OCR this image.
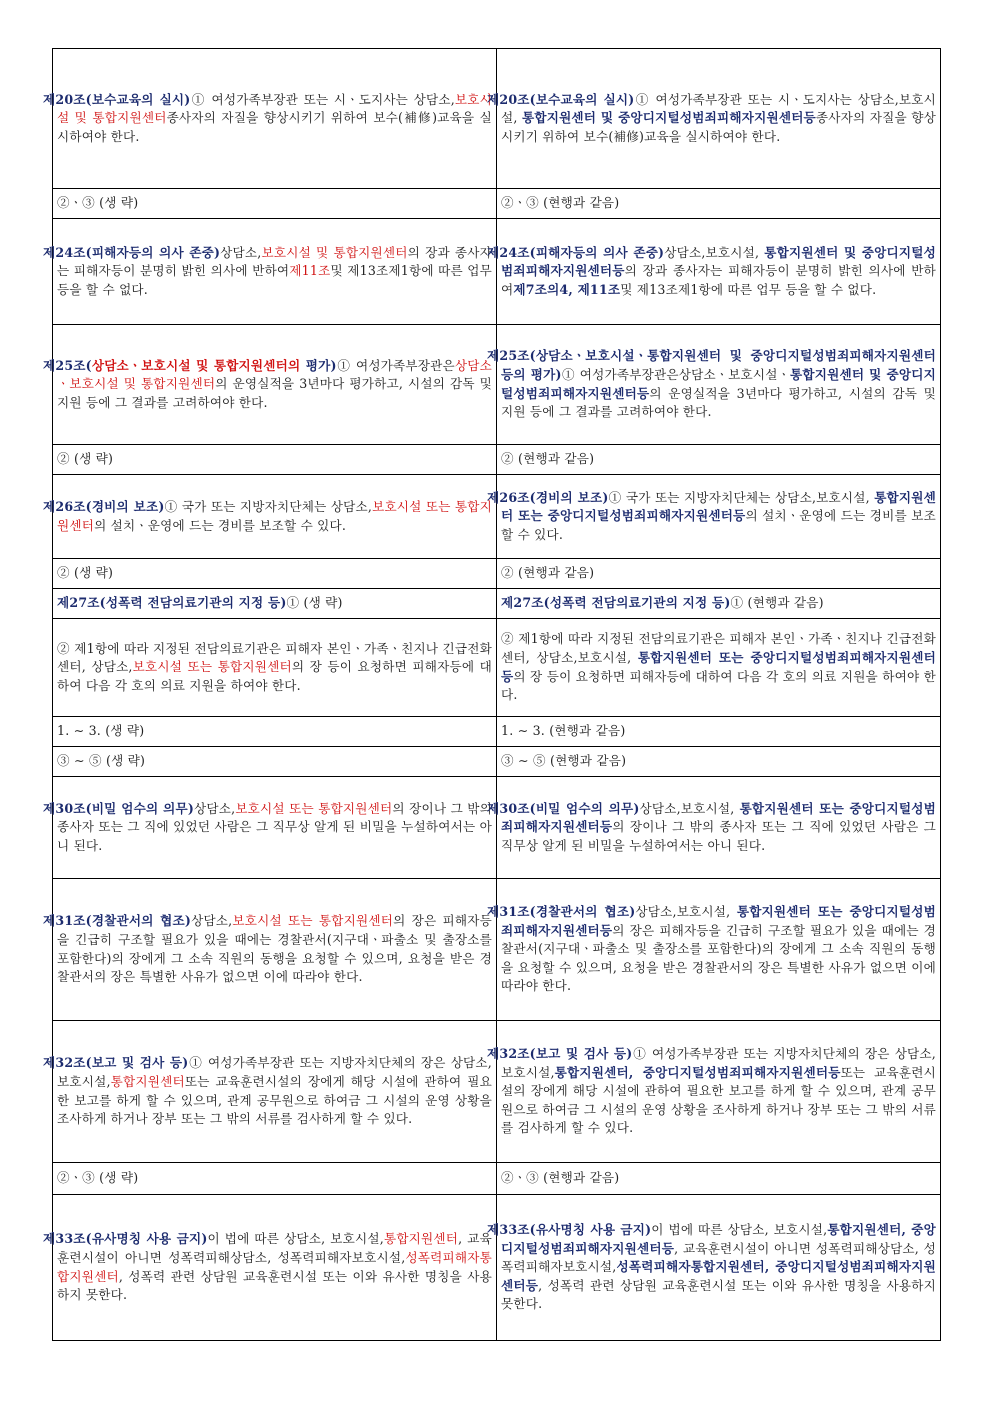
제20조(보수교육의 실시)① 여성가족부장관 또는 시ㆍ도지사는 상담소,보호시설 및 통합지원센터종사자의 자질을 향상시키기 위하여 보수(補修)교육을 실시하여야 한다.	제20조(보수교육의 실시)① 여성가족부장관 또는 시ㆍ도지사는 상담소,보호시설, 통합지원센터 및 중앙디지털성범죄피해자지원센터등종사자의 자질을 향상시키기 위하여 보수(補修)교육을 실시하여야 한다.
②ㆍ③ (생 략)	②ㆍ③ (현행과 같음)
제24조(피해자등의 의사 존중)상담소,보호시설 및 통합지원센터의 장과 종사자는 피해자등이 분명히 밝힌 의사에 반하여제11조및 제13조제1항에 따른 업무 등을 할 수 없다.	제24조(피해자등의 의사 존중)상담소,보호시설, 통합지원센터 및 중앙디지털성범죄피해자지원센터등의 장과 종사자는 피해자등이 분명히 밝힌 의사에 반하여제7조의4, 제11조및 제13조제1항에 따른 업무 등을 할 수 없다.
제25조(상담소ㆍ보호시설 및 통합지원센터의 평가)① 여성가족부장관은상담소ㆍ보호시설 및 통합지원센터의 운영실적을 3년마다 평가하고, 시설의 감독 및 지원 등에 그 결과를 고려하여야 한다.	제25조(상담소ㆍ보호시설ㆍ통합지원센터 및 중앙디지털성범죄피해자지원센터등의 평가)① 여성가족부장관은상담소ㆍ보호시설ㆍ통합지원센터 및 중앙디지털성범죄피해자지원센터등의 운영실적을 3년마다 평가하고, 시설의 감독 및 지원 등에 그 결과를 고려하여야 한다.
② (생 략)	② (현행과 같음)
제26조(경비의 보조)① 국가 또는 지방자치단체는 상담소,보호시설 또는 통합지원센터의 설치ㆍ운영에 드는 경비를 보조할 수 있다.	제26조(경비의 보조)① 국가 또는 지방자치단체는 상담소,보호시설, 통합지원센터 또는 중앙디지털성범죄피해자지원센터등의 설치ㆍ운영에 드는 경비를 보조할 수 있다.
② (생 략)	② (현행과 같음)
제27조(성폭력 전담의료기관의 지정 등)① (생 략)	제27조(성폭력 전담의료기관의 지정 등)① (현행과 같음)
② 제1항에 따라 지정된 전담의료기관은 피해자 본인ㆍ가족ㆍ친지나 긴급전화센터, 상담소,보호시설 또는 통합지원센터의 장 등이 요청하면 피해자등에 대하여 다음 각 호의 의료 지원을 하여야 한다.	② 제1항에 따라 지정된 전담의료기관은 피해자 본인ㆍ가족ㆍ친지나 긴급전화센터, 상담소,보호시설, 통합지원센터 또는 중앙디지털성범죄피해자지원센터등의 장 등이 요청하면 피해자등에 대하여 다음 각 호의 의료 지원을 하여야 한다.
1. ∼ 3. (생 략)	1. ∼ 3. (현행과 같음)
③ ∼ ⑤ (생 략)	③ ∼ ⑤ (현행과 같음)
제30조(비밀 엄수의 의무)상담소,보호시설 또는 통합지원센터의 장이나 그 밖의 종사자 또는 그 직에 있었던 사람은 그 직무상 알게 된 비밀을 누설하여서는 아니 된다.	제30조(비밀 엄수의 의무)상담소,보호시설, 통합지원센터 또는 중앙디지털성범죄피해자지원센터등의 장이나 그 밖의 종사자 또는 그 직에 있었던 사람은 그 직무상 알게 된 비밀을 누설하여서는 아니 된다.
제31조(경찰관서의 협조)상담소,보호시설 또는 통합지원센터의 장은 피해자등을 긴급히 구조할 필요가 있을 때에는 경찰관서(지구대ㆍ파출소 및 출장소를 포함한다)의 장에게 그 소속 직원의 동행을 요청할 수 있으며, 요청을 받은 경찰관서의 장은 특별한 사유가 없으면 이에 따라야 한다.	제31조(경찰관서의 협조)상담소,보호시설, 통합지원센터 또는 중앙디지털성범죄피해자지원센터등의 장은 피해자등을 긴급히 구조할 필요가 있을 때에는 경찰관서(지구대ㆍ파출소 및 출장소를 포함한다)의 장에게 그 소속 직원의 동행을 요청할 수 있으며, 요청을 받은 경찰관서의 장은 특별한 사유가 없으면 이에 따라야 한다.
제32조(보고 및 검사 등)① 여성가족부장관 또는 지방자치단체의 장은 상담소, 보호시설,통합지원센터또는 교육훈련시설의 장에게 해당 시설에 관하여 필요한 보고를 하게 할 수 있으며, 관계 공무원으로 하여금 그 시설의 운영 상황을 조사하게 하거나 장부 또는 그 밖의 서류를 검사하게 할 수 있다.	제32조(보고 및 검사 등)① 여성가족부장관 또는 지방자치단체의 장은 상담소, 보호시설,통합지원센터, 중앙디지털성범죄피해자지원센터등또는 교육훈련시설의 장에게 해당 시설에 관하여 필요한 보고를 하게 할 수 있으며, 관계 공무원으로 하여금 그 시설의 운영 상황을 조사하게 하거나 장부 또는 그 밖의 서류를 검사하게 할 수 있다.
②ㆍ③ (생 략)	②ㆍ③ (현행과 같음)
제33조(유사명칭 사용 금지)이 법에 따른 상담소, 보호시설,통합지원센터, 교육훈련시설이 아니면 성폭력피해상담소, 성폭력피해자보호시설,성폭력피해자통합지원센터, 성폭력 관련 상담원 교육훈련시설 또는 이와 유사한 명칭을 사용하지 못한다.	제33조(유사명칭 사용 금지)이 법에 따른 상담소, 보호시설,통합지원센터, 중앙디지털성범죄피해자지원센터등, 교육훈련시설이 아니면 성폭력피해상담소, 성폭력피해자보호시설,성폭력피해자통합지원센터, 중앙디지털성범죄피해자지원센터등, 성폭력 관련 상담원 교육훈련시설 또는 이와 유사한 명칭을 사용하지 못한다.
